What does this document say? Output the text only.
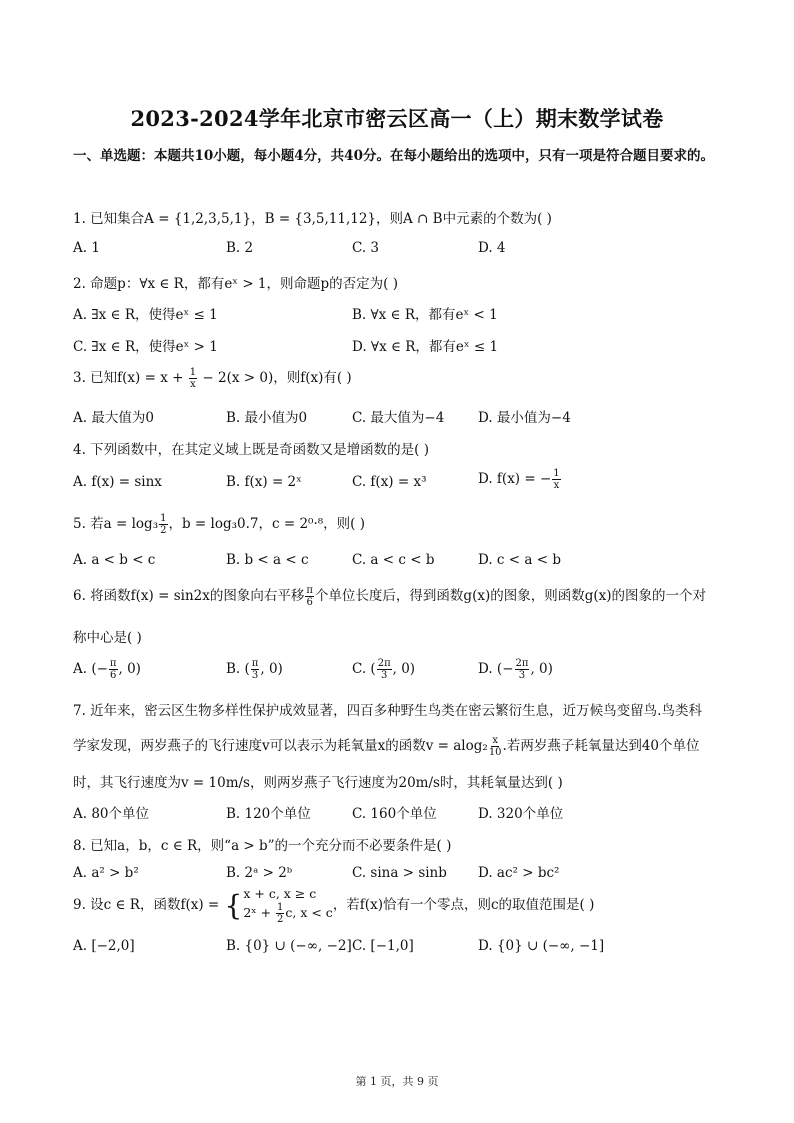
2023-2024学年北京市密云区高一（上）期末数学试卷
一、单选题：本题共10小题，每小题4分，共40分。在每小题给出的选项中，只有一项是符合题目要求的。
1. 已知集合A = {1,2,3,5,1}，B = {3,5,11,12}，则A ∩ B中元素的个数为( )
A. 1	B. 2	C. 3	D. 4
2. 命题p：∀x ∈ R，都有eˣ > 1，则命题p的否定为( )
A. ∃x ∈ R，使得eˣ ≤ 1	B. ∀x ∈ R，都有eˣ < 1
C. ∃x ∈ R，使得eˣ > 1	D. ∀x ∈ R，都有eˣ ≤ 1
3. 已知$f(x) = x + \frac{1}{x} - 2(x > 0)$，则f(x)有( )
A. 最大值为0	B. 最小值为0	C. 最大值为−4 D. 最小值为−4
4. 下列函数中，在其定义域上既是奇函数又是增函数的是( )
A. f(x) = sinx	B. f(x) = 2ˣ	C. f(x) = x³	D. f(x) = − $\frac{1}{x}$
5. 若$a = \log_3 \frac{1}{2}$ ，b = log₃0.7，c = 2⁰·⁸，则( )
A. a < b < c	B. b < a < c	C. a < c < b	D. c < a < b
6. 将函数f(x) = sin2x的图象向右平移 $\frac{\pi}{6}$ 个单位长度后，得到函数g(x)的图象，则函数g(x)的图象的一个对
称中心是( )
A. (− $\frac{\pi}{6}$ , 0)	B. ( $\frac{\pi}{3}$ , 0)	C. ( $\frac{2\pi}{3}$ , 0)	D. (− $\frac{2\pi}{3}$ , 0)
7. 近年来，密云区生物多样性保护成效显著，四百多种野生鸟类在密云繁衍生息，近万候鸟变留鸟.鸟类科
学家发现，两岁燕子的飞行速度v可以表示为耗氧量x的函数$v = alog_2 \frac{x}{10}$ .若两岁燕子耗氧量达到40个单位
时，其飞行速度为v = 10m/s，则两岁燕子飞行速度为20m/s时，其耗氧量达到( )
A. 80个单位	B. 120个单位	C. 160个单位	D. 320个单位
8. 已知a，b，c ∈ R，则“a > b”的一个充分而不必要条件是( )
A. a² > b²	B. 2ᵃ > 2ᵇ	C. sina > sinb D. ac² > bc²
9. 设c ∈ R，函数f(x) = { x + c, x ≥ c
2ˣ + $\frac{1}{2} c$, x < c ，若f(x)恰有一个零点，则c的取值范围是( )
A. [−2,0]	B. {0} ∪ (−∞, −2] C. [−1,0]	D. {0} ∪ (−∞, −1]
第 1 页，共 9 页
